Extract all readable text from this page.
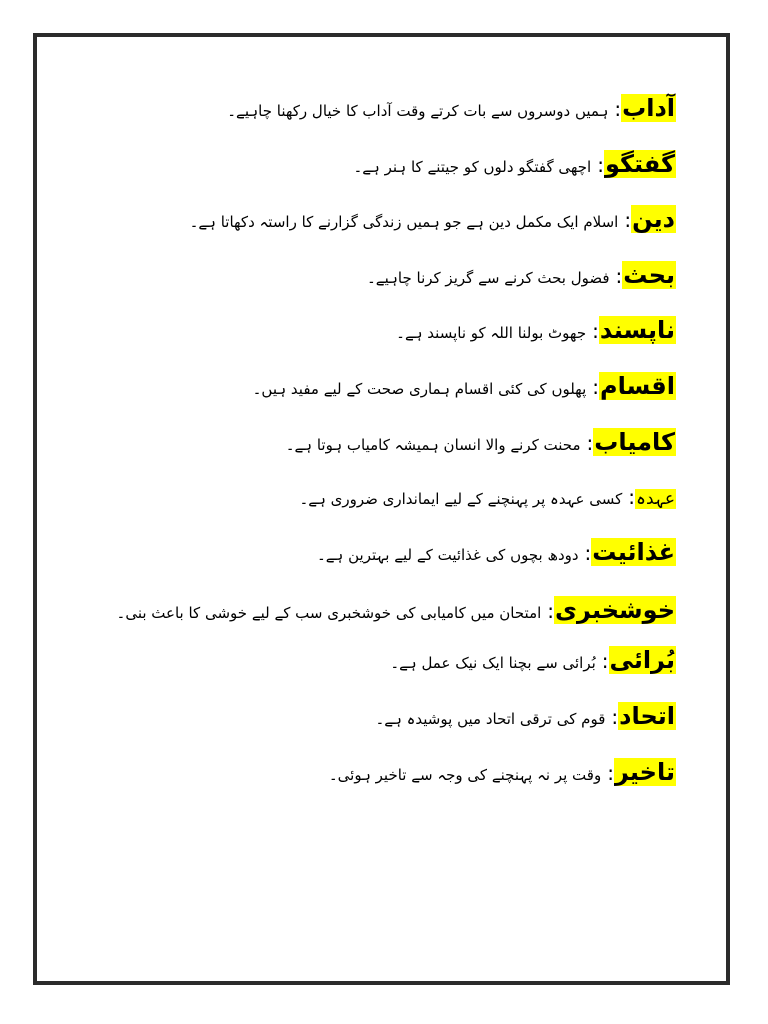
آداب:ہمیں دوسروں سے بات کرتے وقت آداب کا خیال رکھنا چاہیے۔

گفتگو:اچھی گفتگو دلوں کو جیتنے کا ہنر ہے۔

دین:اسلام ایک مکمل دین ہے جو ہمیں زندگی گزارنے کا راستہ دکھاتا ہے۔

بحث:فضول بحث کرنے سے گریز کرنا چاہیے۔

ناپسند:جھوٹ بولنا اللہ کو ناپسند ہے۔

اقسام:پھلوں کی کئی اقسام ہماری صحت کے لیے مفید ہیں۔

کامیاب:محنت کرنے والا انسان ہمیشہ کامیاب ہوتا ہے۔

عہدہ:کسی عہدہ پر پہنچنے کے لیے ایمانداری ضروری ہے۔

غذائیت:دودھ بچوں کی غذائیت کے لیے بہترین ہے۔

خوشخبری:امتحان میں کامیابی کی خوشخبری سب کے لیے خوشی کا باعث بنی۔

بُرائی:بُرائی سے بچنا ایک نیک عمل ہے۔

اتحاد:قوم کی ترقی اتحاد میں پوشیدہ ہے۔

تاخیر:وقت پر نہ پہنچنے کی وجہ سے تاخیر ہوئی۔
